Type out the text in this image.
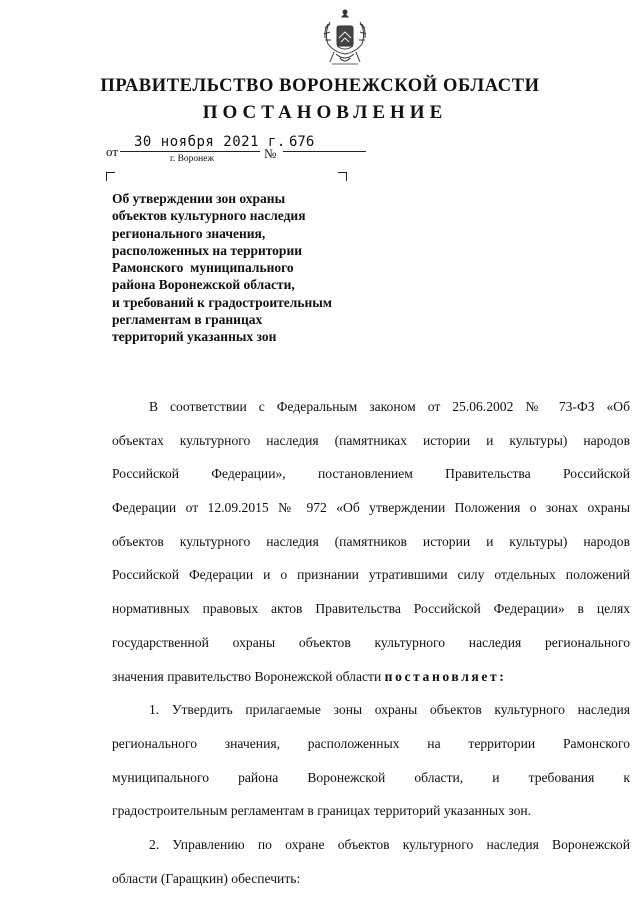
ПРАВИТЕЛЬСТВО ВОРОНЕЖСКОЙ ОБЛАСТИ
ПОСТАНОВЛЕНИЕ
от
30 ноября 2021 г.
№
676
г. Воронеж
Об утверждении зон охраны
объектов культурного наследия
регионального значения,
расположенных на территории
Рамонского  муниципального
района Воронежской области,
и требований к градостроительным
регламентам в границах
территорий указанных зон
В соответствии с Федеральным законом от 25.06.2002 № 73-ФЗ «Об
объектах культурного наследия (памятниках истории и культуры) народов
Российской Федерации», постановлением Правительства Российской
Федерации от 12.09.2015 № 972 «Об утверждении Положения о зонах охраны
объектов культурного наследия (памятников истории и культуры) народов
Российской Федерации и о признании утратившими силу отдельных положений
нормативных правовых актов Правительства Российской Федерации» в целях
государственной охраны объектов культурного наследия регионального
значения правительство Воронежской области постановляет:
1. Утвердить прилагаемые зоны охраны объектов культурного наследия
регионального значения, расположенных на территории Рамонского
муниципального района Воронежской области, и требования к
градостроительным регламентам в границах территорий указанных зон.
2. Управлению по охране объектов культурного наследия Воронежской
области (Гаращкин) обеспечить:
